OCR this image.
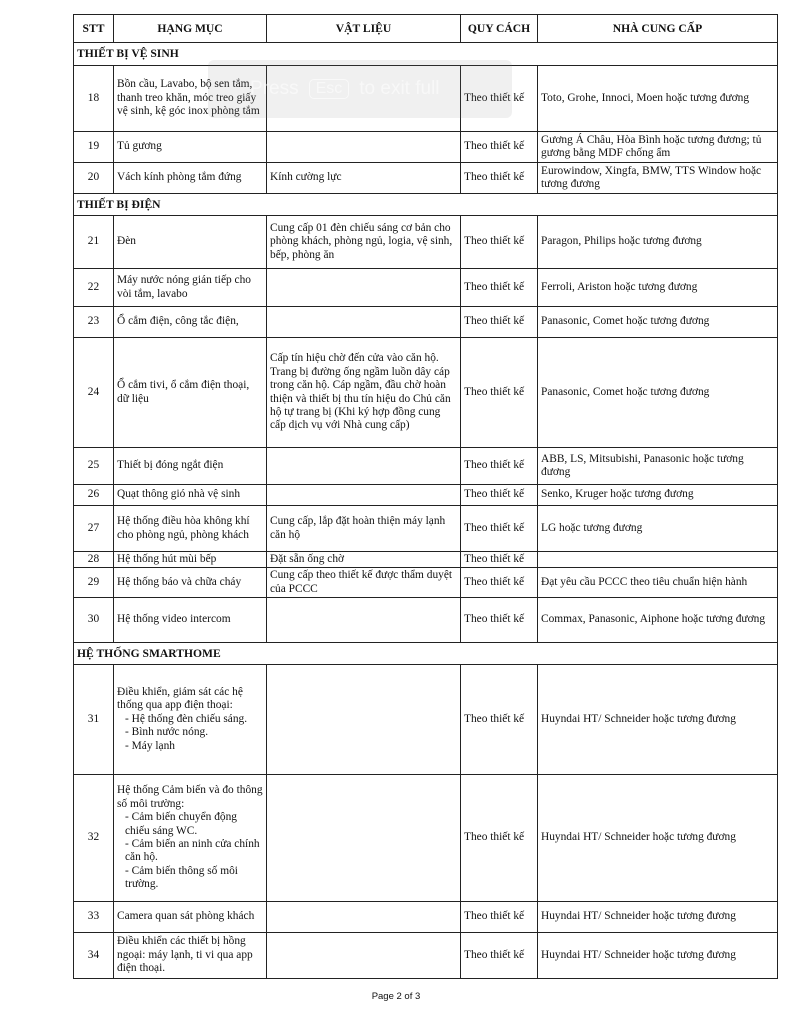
STT	HẠNG MỤC	VẬT LIỆU	QUY CÁCH	NHÀ CUNG CẤP
THIẾT BỊ VỆ SINH				
18	Bồn cầu, Lavabo, bộ sen tắm, thanh treo khăn, móc treo giấy vệ sinh, kệ góc inox phòng tắm		Theo thiết kế	Toto, Grohe, Innoci, Moen hoặc tương đương
19	Tủ gương		Theo thiết kế	Gương Á Châu, Hòa Bình hoặc tương đương; tủ gương bằng MDF chống ẩm
20	Vách kính phòng tắm đứng	Kính cường lực	Theo thiết kế	Eurowindow, Xingfa, BMW, TTS Window hoặc tương đương
THIẾT BỊ ĐIỆN				
21	Đèn	Cung cấp 01 đèn chiếu sáng cơ bản cho phòng khách, phòng ngủ, logia, vệ sinh, bếp, phòng ăn	Theo thiết kế	Paragon, Philips hoặc tương đương
22	Máy nước nóng gián tiếp cho vòi tắm, lavabo		Theo thiết kế	Ferroli, Ariston hoặc tương đương
23	Ổ cắm điện, công tắc điện,		Theo thiết kế	Panasonic, Comet hoặc tương đương
24	Ổ cắm tivi, ổ cắm điện thoại, dữ liệu	Cấp tín hiệu chờ đến cửa vào căn hộ. Trang bị đường ống ngầm luồn dây cáp trong căn hộ. Cáp ngầm, đầu chờ hoàn thiện và thiết bị thu tín hiệu do Chủ căn hộ tự trang bị (Khi ký hợp đồng cung cấp dịch vụ với Nhà cung cấp)	Theo thiết kế	Panasonic, Comet hoặc tương đương
25	Thiết bị đóng ngắt điện		Theo thiết kế	ABB, LS, Mitsubishi, Panasonic hoặc tương đương
26	Quạt thông gió nhà vệ sinh		Theo thiết kế	Senko, Kruger hoặc tương đương
27	Hệ thống điều hòa không khí cho phòng ngủ, phòng khách	Cung cấp, lắp đặt hoàn thiện máy lạnh căn hộ	Theo thiết kế	LG hoặc tương đương
28	Hệ thống hút mùi bếp	Đặt sẵn ống chờ	Theo thiết kế	
29	Hệ thống báo và chữa cháy	Cung cấp theo thiết kế được thẩm duyệt của PCCC	Theo thiết kế	Đạt yêu cầu PCCC theo tiêu chuẩn hiện hành
30	Hệ thống video intercom		Theo thiết kế	Commax, Panasonic, Aiphone hoặc tương đương
HỆ THỐNG SMARTHOME				
31	Điều khiển, giám sát các hệ thống qua app điện thoại:
- Hệ thống đèn chiếu sáng.
- Bình nước nóng.
- Máy lạnh		Theo thiết kế	Huyndai HT/ Schneider hoặc tương đương
32	Hệ thống Cảm biến và đo thông số môi trường:
- Cảm biến chuyển động chiếu sáng WC.
- Cảm biến an ninh cửa chính căn hộ.
- Cảm biến thông số môi trường.		Theo thiết kế	Huyndai HT/ Schneider hoặc tương đương
33	Camera quan sát phòng khách		Theo thiết kế	Huyndai HT/ Schneider hoặc tương đương
34	Điều khiển các thiết bị hồng ngoại: máy lạnh, ti vi qua app điện thoại.		Theo thiết kế	Huyndai HT/ Schneider hoặc tương đương
Press	Esc to exit full
Page 2 of 3
